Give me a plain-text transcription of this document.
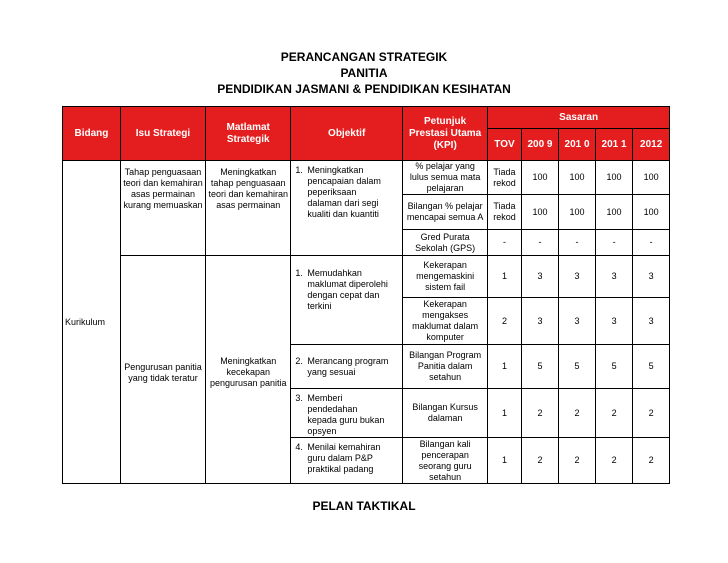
PERANCANGAN STRATEGIK
PANITIA
PENDIDIKAN JASMANI & PENDIDIKAN KESIHATAN
Bidang	Isu Strategi	Matlamat Strategik	Objektif	Petunjuk Prestasi Utama (KPI)	Sasaran				
					TOV	200 9	201 0	201 1	2012
Kurikulum	Tahap penguasaan teori dan kemahiran asas permainan kurang memuaskan	Meningkatkan tahap penguasaan teori dan kemahiran asas permainan	1. Meningkatkan pencapaian dalam peperiksaan dalaman dari segi kualiti dan kuantiti	% pelajar yang lulus semua mata pelajaran	Tiada rekod	100	100	100	100
				Bilangan % pelajar mencapai semua A	Tiada rekod	100	100	100	100
				Gred Purata Sekolah (GPS)	-	-	-	-	-
	Pengurusan panitia yang tidak teratur	Meningkatkan kecekapan pengurusan panitia	1. Memudahkan maklumat diperolehi dengan cepat dan terkini	Kekerapan mengemaskini sistem fail	1	3	3	3	3
				Kekerapan mengakses maklumat dalam komputer	2	3	3	3	3
			2. Merancang program yang sesuai	Bilangan Program Panitia dalam setahun	1	5	5	5	5
			3. Memberi pendedahan kepada guru bukan opsyen	Bilangan Kursus dalaman	1	2	2	2	2
			4. Menilai kemahiran guru dalam P&P praktikal padang	Bilangan kali pencerapan seorang guru setahun	1	2	2	2	2
PELAN TAKTIKAL
